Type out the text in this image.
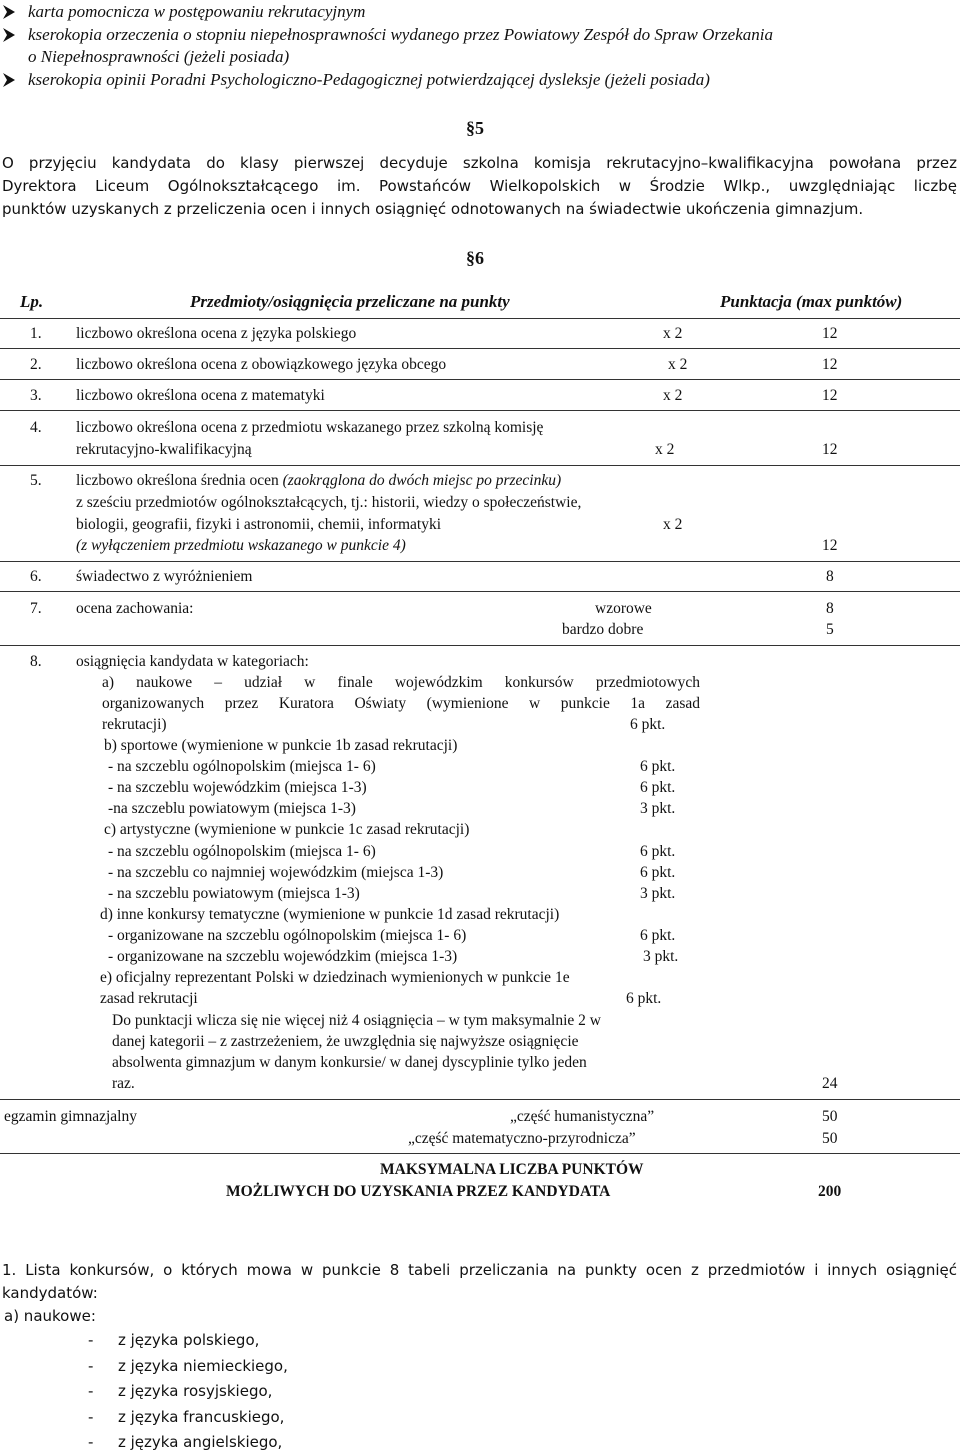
karta pomocnicza w postępowaniu rekrutacyjnym
kserokopia orzeczenia o stopniu niepełnosprawności wydanego przez Powiatowy Zespół do Spraw Orzekania
o Niepełnosprawności (jeżeli posiada)
kserokopia opinii Poradni Psychologiczno-Pedagogicznej potwierdzającej dysleksje (jeżeli posiada)
§5
O przyjęciu kandydata do klasy pierwszej decyduje szkolna komisja rekrutacyjno–kwalifikacyjna powołana przez
Dyrektora Liceum Ogólnokształcącego im. Powstańców Wielkopolskich w Środzie Wlkp., uwzględniając liczbę
punktów uzyskanych z przeliczenia ocen i innych osiągnięć odnotowanych na świadectwie ukończenia gimnazjum.
§6
Lp.	Przedmioty/osiągnięcia przeliczane na punkty	Punktacja (max punktów)
1. liczbowo określona ocena z języka polskiego	x 2	12
2. liczbowo określona ocena z obowiązkowego języka obcego	x 2	12
3. liczbowo określona ocena z matematyki	x 2	12
4. liczbowo określona ocena z przedmiotu wskazanego przez szkolną komisję
rekrutacyjno-kwalifikacyjną	x 2	12
5. liczbowo określona średnia ocen (zaokrąglona do dwóch miejsc po przecinku)
z sześciu przedmiotów ogólnokształcących, tj.: historii, wiedzy o społeczeństwie,
biologii, geografii, fizyki i astronomii, chemii, informatyki	x 2
(z wyłączeniem przedmiotu wskazanego w punkcie 4)	12
6. świadectwo z wyróżnieniem	8
7. ocena zachowania:	wzorowe	8
bardzo dobre	5
8. osiągnięcia kandydata w kategoriach:
a) naukowe – udział w finale wojewódzkim konkursów przedmiotowych
organizowanych przez Kuratora Oświaty (wymienione w punkcie 1a zasad
rekrutacji)	6 pkt.
b) sportowe (wymienione w punkcie 1b zasad rekrutacji)
- na szczeblu ogólnopolskim (miejsca 1- 6)	6 pkt.
- na szczeblu wojewódzkim (miejsca 1-3)	6 pkt.
-na szczeblu powiatowym (miejsca 1-3)	3 pkt.
c) artystyczne (wymienione w punkcie 1c zasad rekrutacji)
- na szczeblu ogólnopolskim (miejsca 1- 6)	6 pkt.
- na szczeblu co najmniej wojewódzkim (miejsca 1-3)	6 pkt.
- na szczeblu powiatowym (miejsca 1-3)	3 pkt.
d) inne konkursy tematyczne (wymienione w punkcie 1d zasad rekrutacji)
- organizowane na szczeblu ogólnopolskim (miejsca 1- 6)	6 pkt.
- organizowane na szczeblu wojewódzkim (miejsca 1-3)	3 pkt.
e) oficjalny reprezentant Polski w dziedzinach wymienionych w punkcie 1e
zasad rekrutacji	6 pkt.
Do punktacji wlicza się nie więcej niż 4 osiągnięcia – w tym maksymalnie 2 w
danej kategorii – z zastrzeżeniem, że uwzględnia się najwyższe osiągnięcie
absolwenta gimnazjum w danym konkursie/ w danej dyscyplinie tylko jeden
raz.	24
egzamin gimnazjalny	„część humanistyczna”	50
„część matematyczno-przyrodnicza”	50
MAKSYMALNA LICZBA PUNKTÓW
MOŻLIWYCH DO UZYSKANIA PRZEZ KANDYDATA	200
1. Lista konkursów, o których mowa w punkcie 8 tabeli przeliczania na punkty ocen z przedmiotów i innych osiągnięć
kandydatów:
a) naukowe:
- z języka polskiego,
- z języka niemieckiego,
- z języka rosyjskiego,
- z języka francuskiego,
- z języka angielskiego,
